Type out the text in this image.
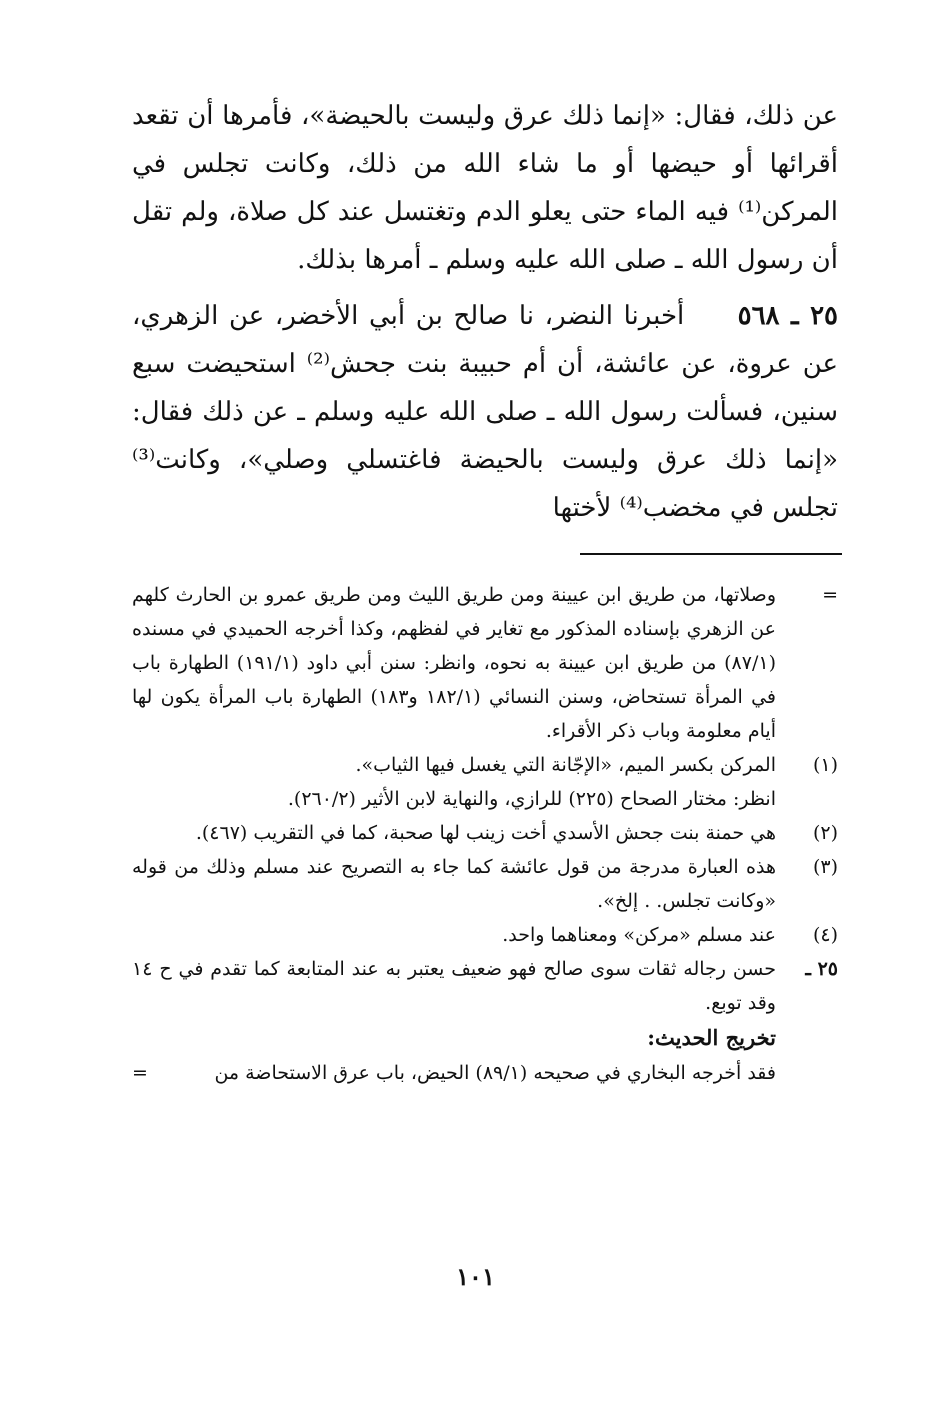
عن ذلك، فقال: «إنما ذلك عرق وليست بالحيضة»، فأمرها أن تقعد أقرائها أو حيضها أو ما شاء الله من ذلك، وكانت تجلس في المركن⁽¹⁾ فيه الماء حتى يعلو الدم وتغتسل عند كل صلاة، ولم تقل أن رسول الله ـ صلى الله عليه وسلم ـ أمرها بذلك.

٢٥ ـ ٥٦٨     أخبرنا النضر، نا صالح بن أبي الأخضر، عن الزهري، عن عروة، عن عائشة، أن أم حبيبة بنت جحش⁽²⁾ استحيضت سبع سنين، فسألت رسول الله ـ صلى الله عليه وسلم ـ عن ذلك فقال: «إنما ذلك عرق وليست بالحيضة فاغتسلي وصلي»، وكانت⁽³⁾ تجلس في مخضب⁽⁴⁾ لأختها

=
وصلاتها، من طريق ابن عيينة ومن طريق الليث ومن طريق عمرو بن الحارث كلهم عن الزهري بإسناده المذكور مع تغاير في لفظهم، وكذا أخرجه الحميدي في مسنده (٨٧/١) من طريق ابن عيينة به نحوه، وانظر: سنن أبي داود (١٩١/١) الطهارة باب في المرأة تستحاض، وسنن النسائي (١٨٢/١ و١٨٣) الطهارة باب المرأة يكون لها أيام معلومة وباب ذكر الأقراء.
(١)
المركن بكسر الميم، «الإجّانة التي يغسل فيها الثياب».
انظر: مختار الصحاح (٢٢٥) للرازي، والنهاية لابن الأثير (٢٦٠/٢).
(٢)
هي حمنة بنت جحش الأسدي أخت زينب لها صحبة، كما في التقريب (٤٦٧).
(٣)
هذه العبارة مدرجة من قول عائشة كما جاء به التصريح عند مسلم وذلك من قوله «وكانت تجلس. . إلخ».
(٤)
عند مسلم «مركن» ومعناهما واحد.
٢٥ ـ
حسن رجاله ثقات سوى صالح فهو ضعيف يعتبر به عند المتابعة كما تقدم في ح ١٤ وقد توبع.
تخريج الحديث:
فقد أخرجه البخاري في صحيحه (٨٩/١) الحيض، باب عرق الاستحاضة من
=
١٠١
